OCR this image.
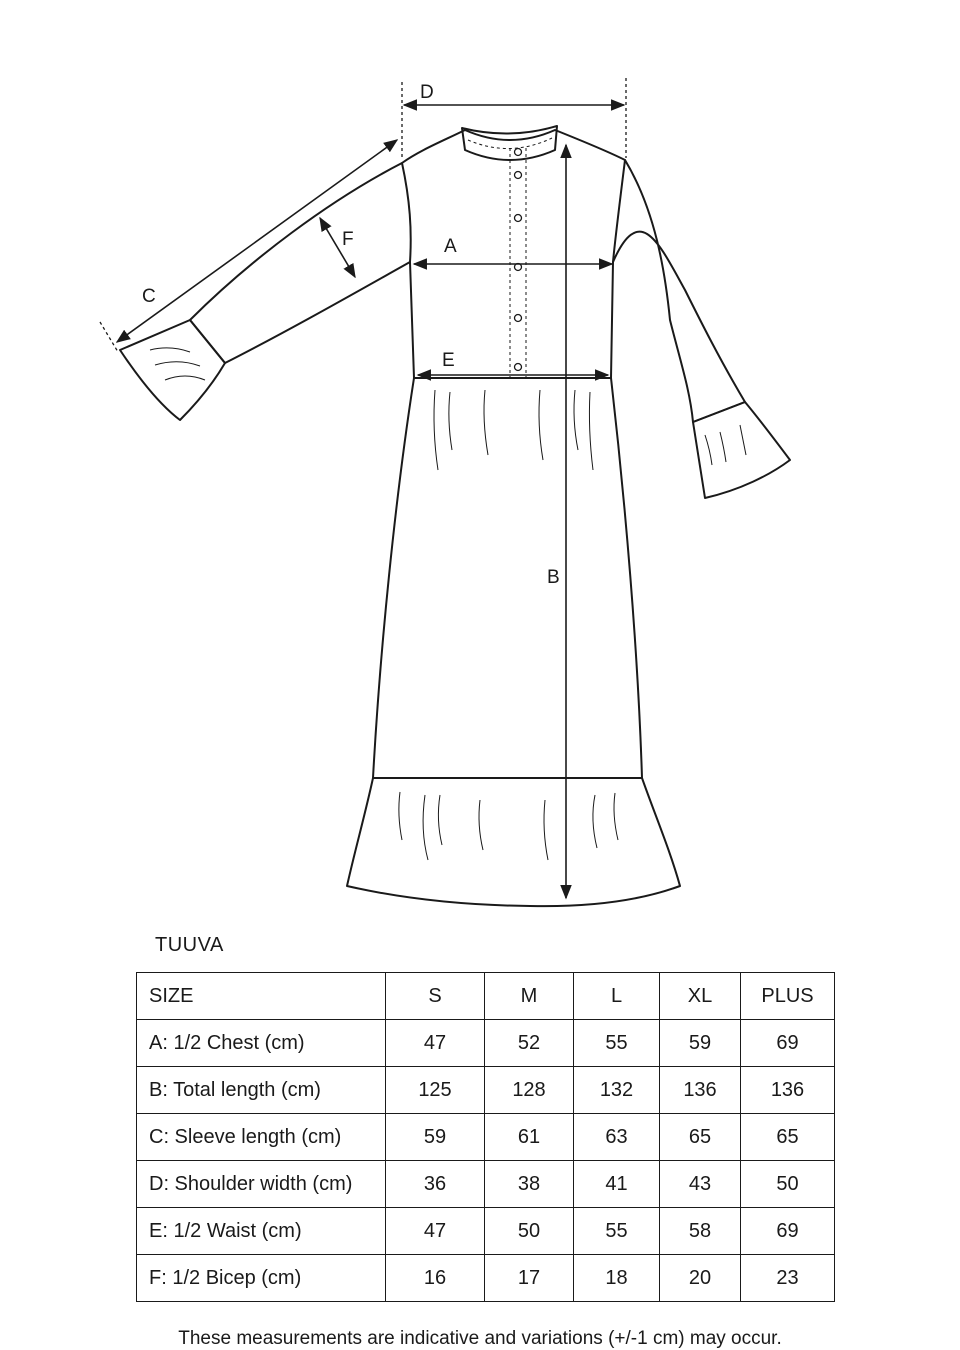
D
A
E
B
C
F
TUUVA
SIZE	S	M	L	XL	PLUS
A: 1/2 Chest (cm)	47	52	55	59	69
B: Total length (cm)	125	128	132	136	136
C: Sleeve length (cm)	59	61	63	65	65
D: Shoulder width (cm)	36	38	41	43	50
E: 1/2 Waist (cm)	47	50	55	58	69
F: 1/2 Bicep (cm)	16	17	18	20	23
These measurements are indicative and variations (+/-1 cm) may occur.
